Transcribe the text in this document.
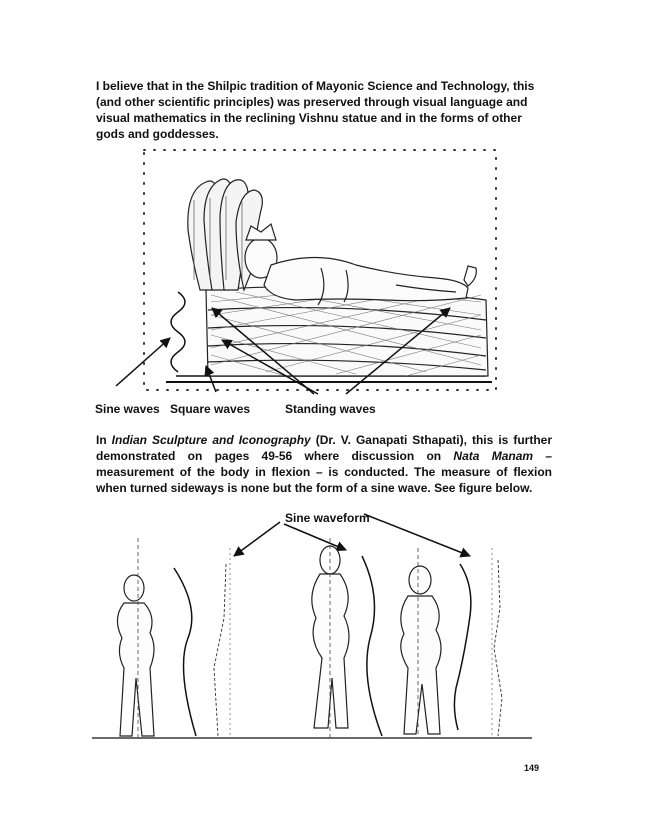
I believe that in the Shilpic tradition of Mayonic Science and Technology, this (and other scientific principles) was preserved through visual language and visual mathematics in the reclining Vishnu statue and in the forms of other gods and goddesses.

Sine waves Square waves	Standing waves

In Indian Sculpture and Iconography (Dr. V. Ganapati Sthapati), this is further demonstrated on pages 49-56 where discussion on Nata Manam – measurement of the body in flexion – is conducted. The measure of flexion when turned sideways is none but the form of a sine wave. See figure below.

Sine waveform
149
